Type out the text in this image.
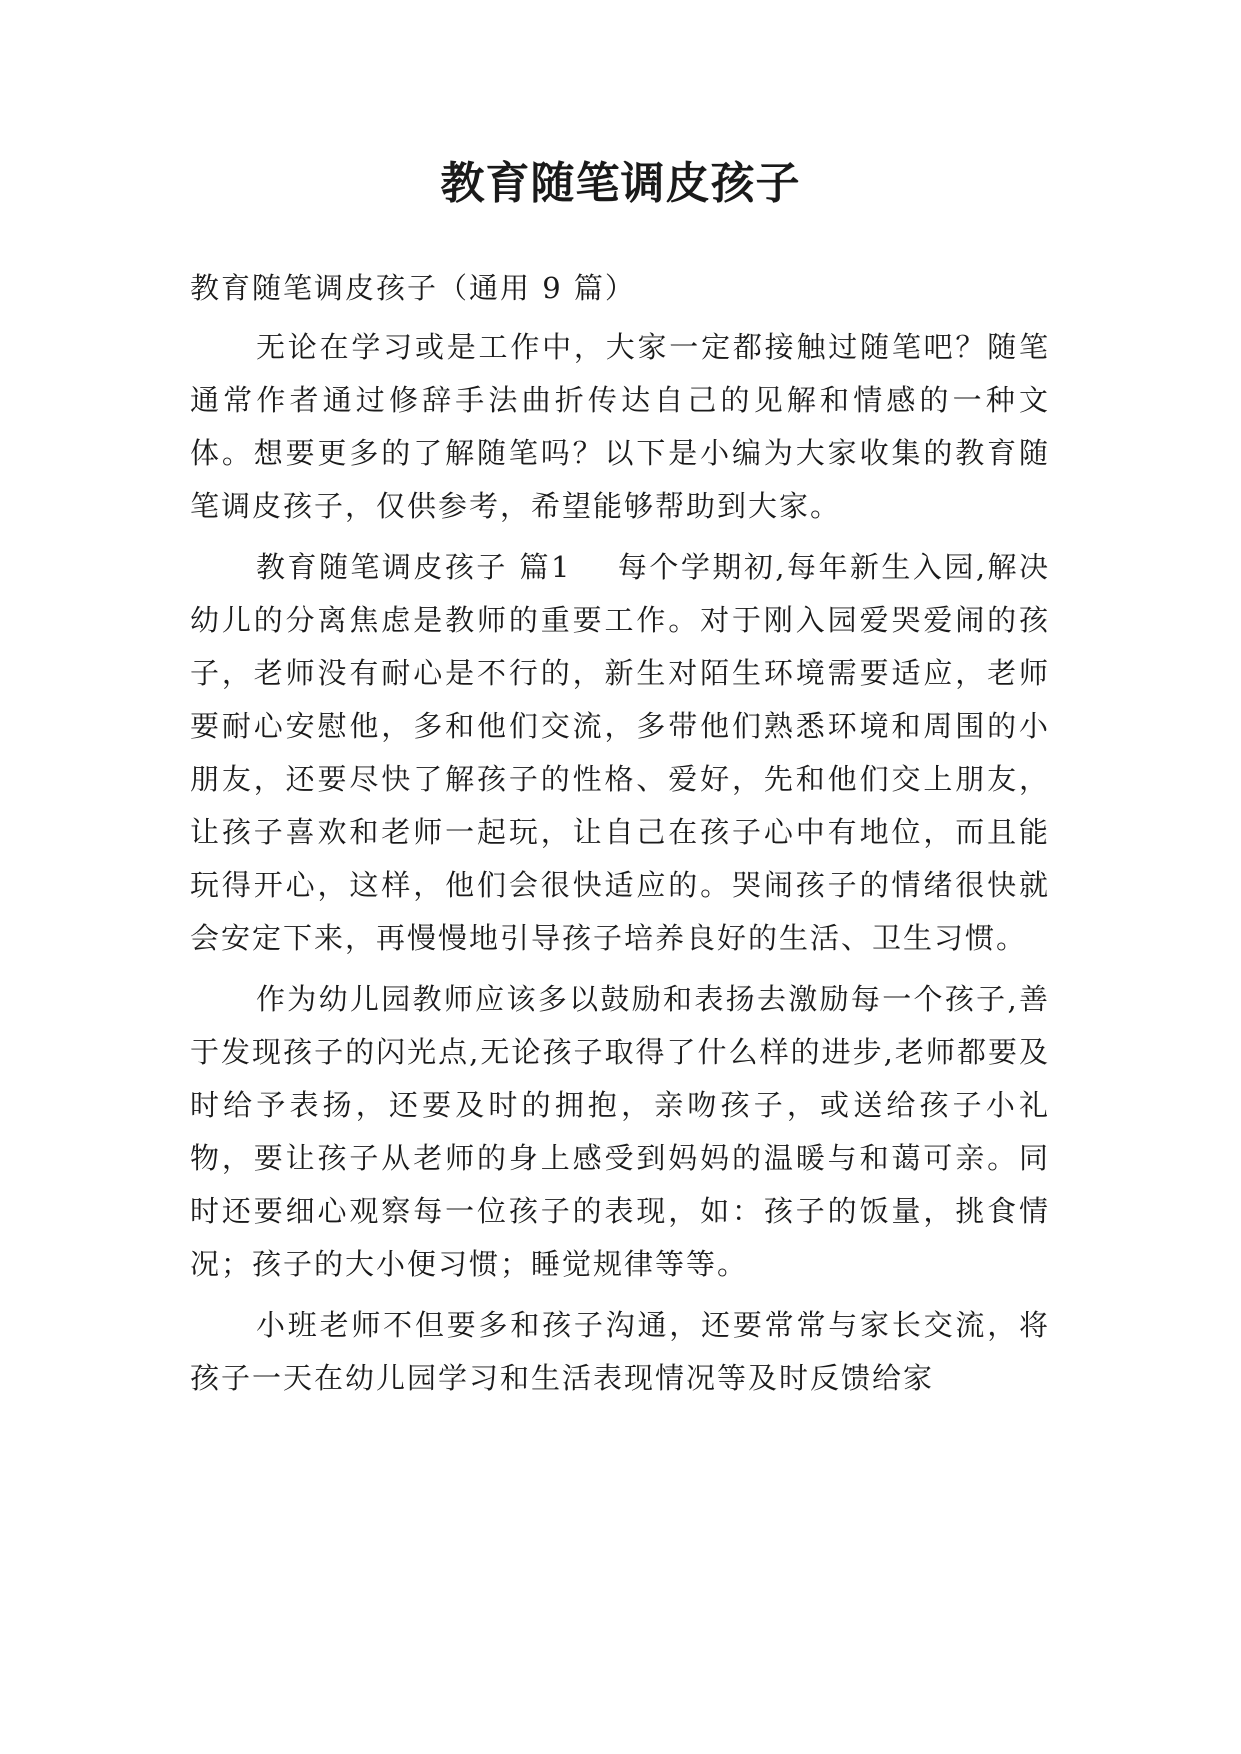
教育随笔调皮孩子

教育随笔调皮孩子（通用 9 篇）

无论在学习或是工作中，大家一定都接触过随笔吧？随笔通常作者通过修辞手法曲折传达自己的见解和情感的一种文体。想要更多的了解随笔吗？以下是小编为大家收集的教育随笔调皮孩子，仅供参考，希望能够帮助到大家。

教育随笔调皮孩子 篇1 每个学期初,每年新生入园,解决幼儿的分离焦虑是教师的重要工作。对于刚入园爱哭爱闹的孩子，老师没有耐心是不行的，新生对陌生环境需要适应，老师要耐心安慰他，多和他们交流，多带他们熟悉环境和周围的小朋友，还要尽快了解孩子的性格、爱好，先和他们交上朋友，让孩子喜欢和老师一起玩，让自己在孩子心中有地位，而且能玩得开心，这样，他们会很快适应的。哭闹孩子的情绪很快就会安定下来，再慢慢地引导孩子培养良好的生活、卫生习惯。

作为幼儿园教师应该多以鼓励和表扬去激励每一个孩子,善于发现孩子的闪光点,无论孩子取得了什么样的进步,老师都要及时给予表扬，还要及时的拥抱，亲吻孩子，或送给孩子小礼物，要让孩子从老师的身上感受到妈妈的温暖与和蔼可亲。同时还要细心观察每一位孩子的表现，如：孩子的饭量，挑食情况；孩子的大小便习惯；睡觉规律等等。

小班老师不但要多和孩子沟通，还要常常与家长交流，将孩子一天在幼儿园学习和生活表现情况等及时反馈给家
